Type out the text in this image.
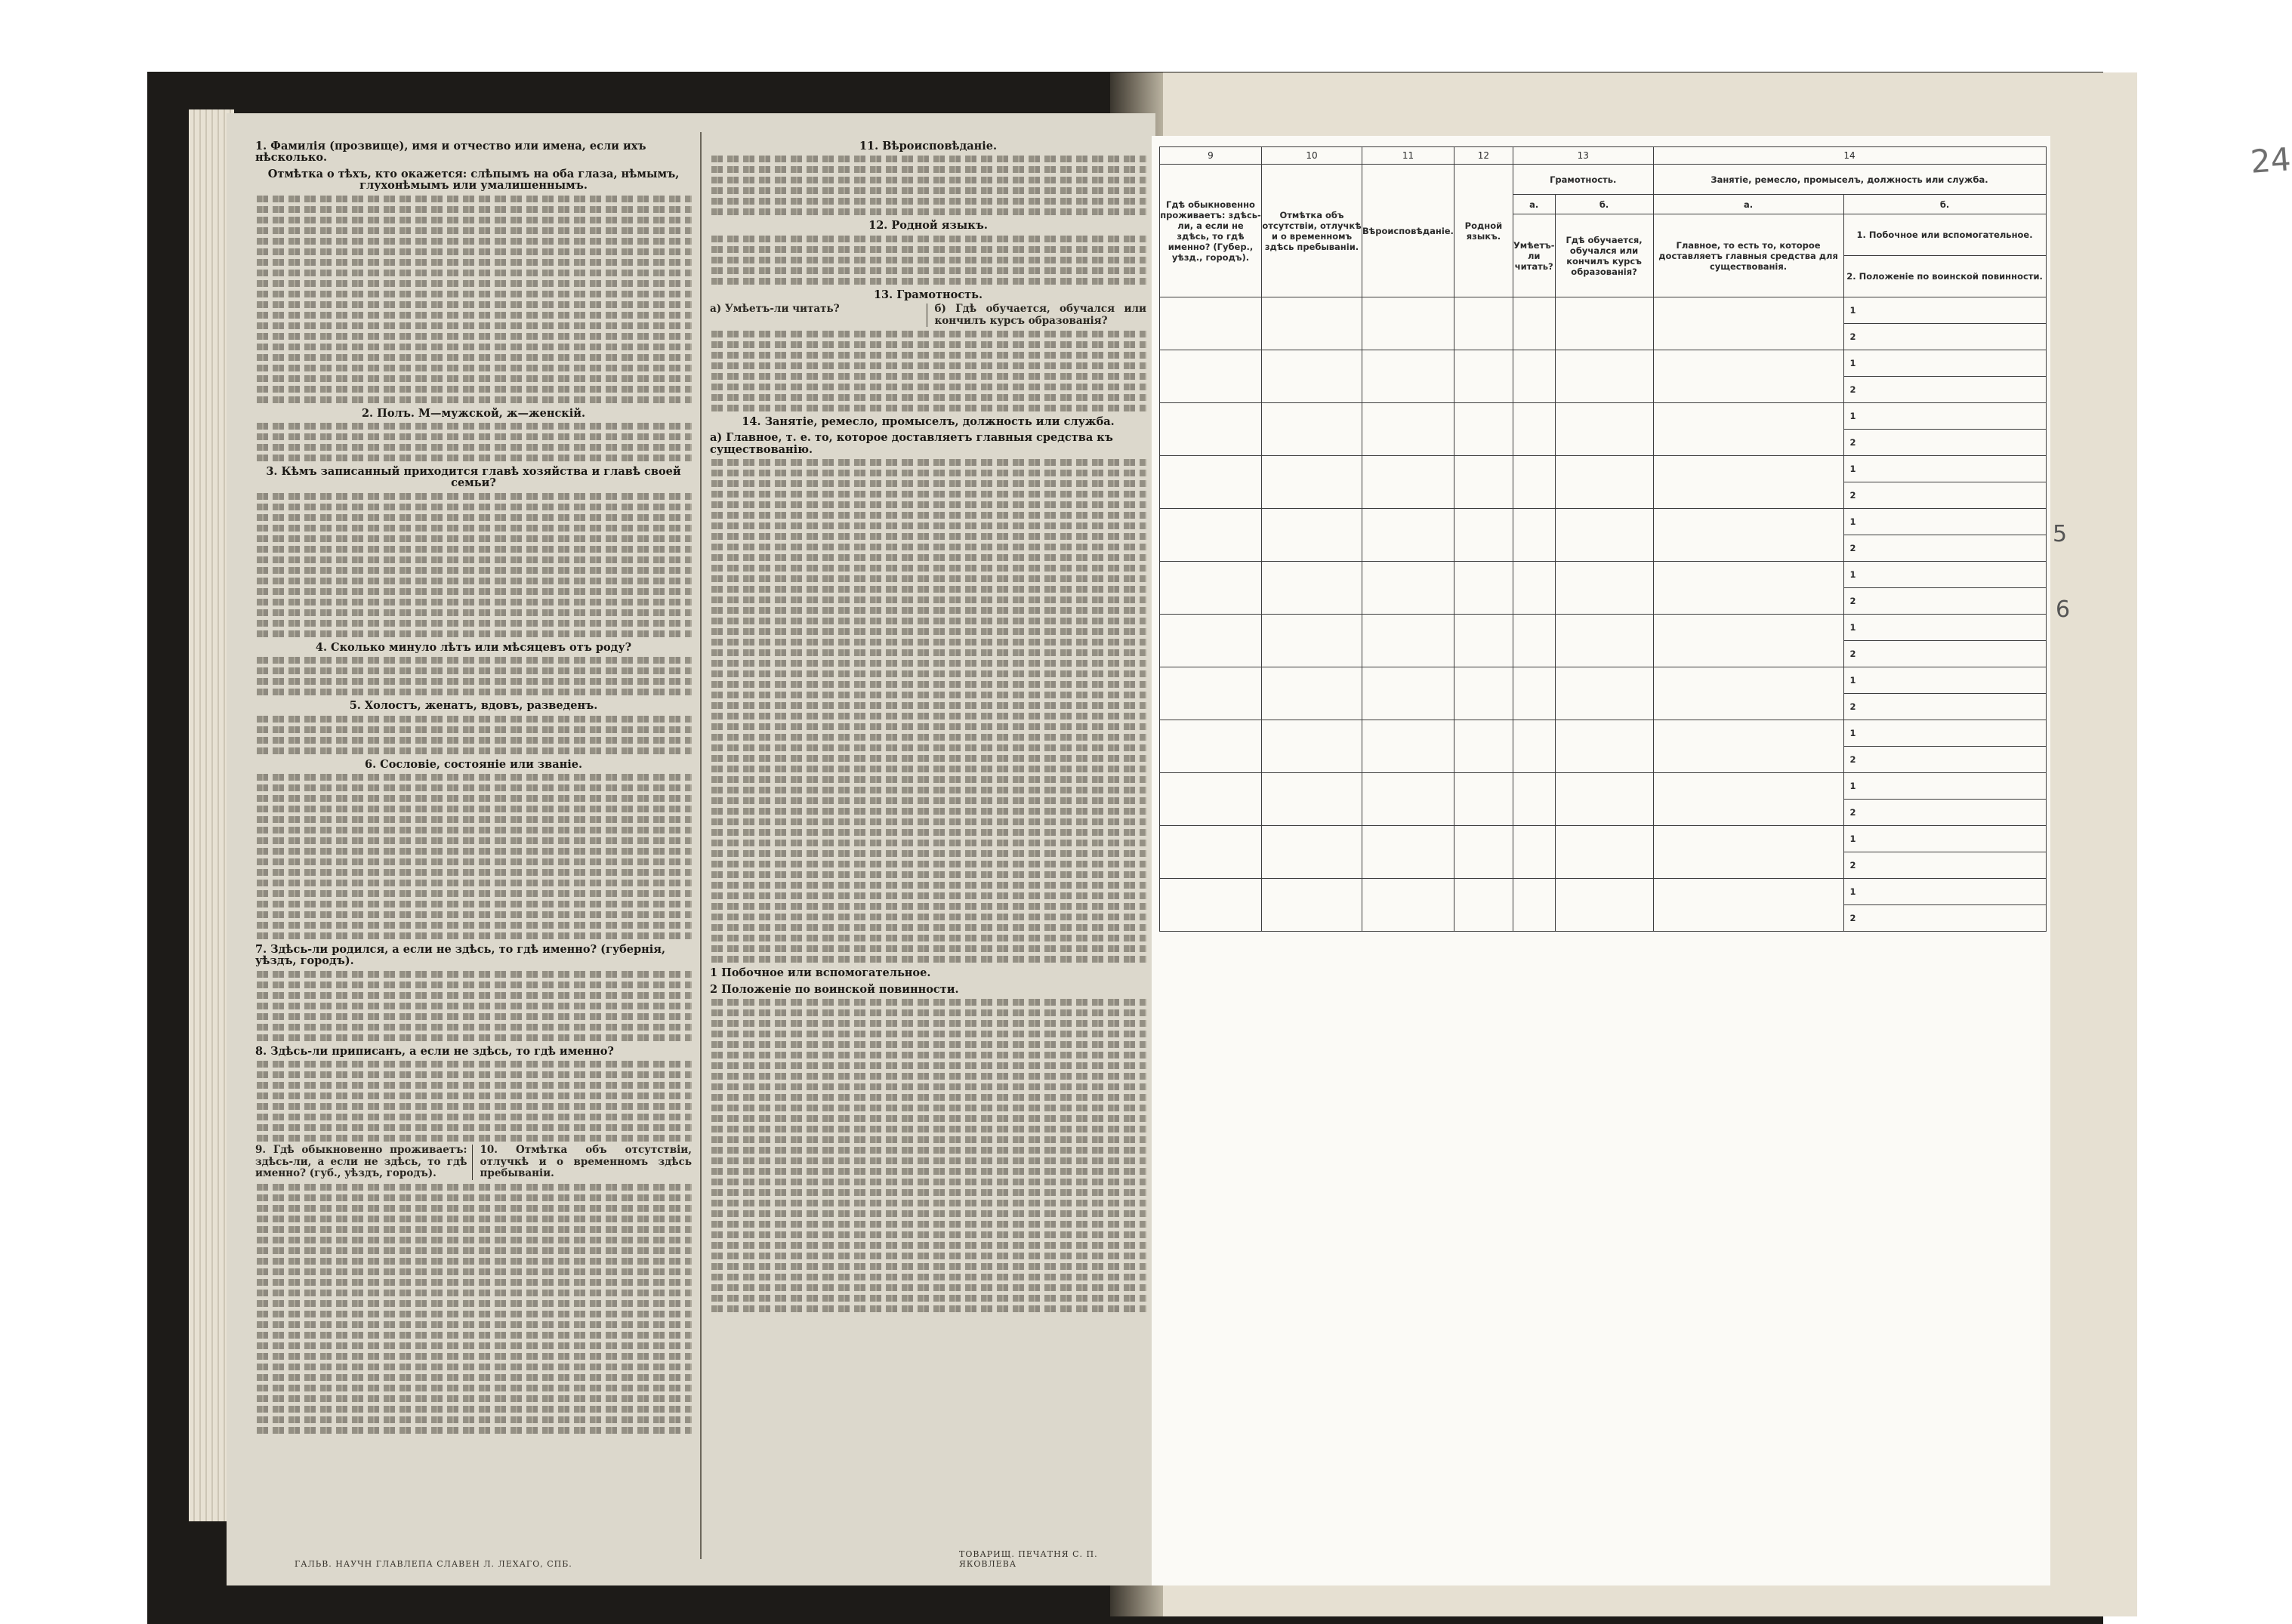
1. Фамилія (прозвище), имя и отчество или имена, если ихъ нѣсколько.
Отмѣтка о тѣхъ, кто окажется: слѣпымъ на оба глаза, нѣмымъ, глухонѣмымъ или умалишеннымъ.
2. Полъ. М—мужской, ж—женскій.
3. Кѣмъ записанный приходится главѣ хозяйства и главѣ своей семьи?
4. Сколько минуло лѣтъ или мѣсяцевъ отъ роду?
5. Холостъ, женатъ, вдовъ, разведенъ.
6. Сословіе, состояніе или званіе.
7. Здѣсь-ли родился, а если не здѣсь, то гдѣ именно? (губернія, уѣздъ, городъ).
8. Здѣсь-ли приписанъ, а если не здѣсь, то гдѣ именно?
9. Гдѣ обыкновенно проживаетъ: здѣсь-ли, а если не здѣсь, то гдѣ именно? (губ., уѣздъ, городъ).
10. Отмѣтка объ отсутствіи, отлучкѣ и о временномъ здѣсь пребываніи.
11. Вѣроисповѣданіе.
12. Родной языкъ.
13. Грамотность.
а) Умѣетъ-ли читать?	б) Гдѣ обучается, обучался или кончилъ курсъ образованія?
14. Занятіе, ремесло, промыселъ, должность или служба.
а) Главное, т. е. то, которое доставляетъ главныя средства къ существованію.
1 Побочное или вспомогательное.
2 Положеніе по воинской повинности.
ГАЛЬВ. НАУЧН ГЛАВЛЕПА СЛАВЕН Л. ЛЕХАГО, СПБ.
ТОВАРИЩ. ПЕЧАТНЯ С. П. ЯКОВЛЕВА
24
9	10	11	12	13		14	
Гдѣ обыкновенно проживаетъ: здѣсь-ли, а если не здѣсь, то гдѣ именно? (Губер., уѣзд., городъ).	Отмѣтка объ отсутствіи, отлучкѣ и о временномъ здѣсь пребываніи.	Вѣроисповѣданіе.	Родной языкъ.	Грамотность.		Занятіе, ремесло, промыселъ, должность или служба.	
				а.	б.	а.	б.
				Умѣетъ-ли читать?	Гдѣ обучается, обучался или кончилъ курсъ образованія?	Главное, то есть то, которое доставляетъ главныя средства для существованія.	1. Побочное или вспомогательное.
2. Положеніе по воинской повинности.

							1
							2
							1
							2
							1
							2
							1
							2
							1
							2
							1
							2
							1
							2
							1
							2
							1
							2
							1
							2
							1
							2
							1
							2
5
6
